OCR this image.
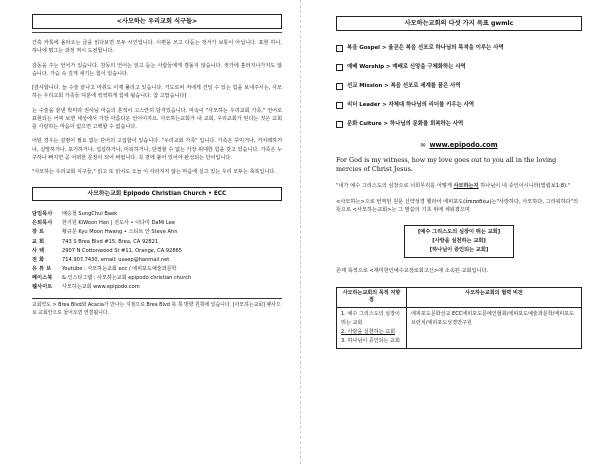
<사모하는 우리교회 식구들>

간혹 카톡에 올라오는 글을 읽다보면 모두 시인입니다. 시편을 쓰고 다듬는 정서가 보통이 아닙니다. 표현 하나, 하나에 명그는 과정 역시 도전합니다.

감동을 주는 언어가 있습니다. 감동의 언어는 읽고 듣는 사람들에게 겸돌지 않습니다. 귓가에 흘러지나가지도 않습니다. 가슴 속 깊게 새기는 힘이 있습니다.

[감사합니다. 늘 수술 끝나고 마취도 이제 풀리고 있습니다. 기도로써 저에게 건딜 수 있는 힘을 보내주시는, 사모하는 우리교회 가족들 덕분에 씩씩하게 힘에 됩습니다. 참 고맙습니다]

는 수술을 끝낸 박미라 권사님 마음의 흔적이 고스란히 담겨있습니다. 마속이 "사모하는 우리교회 가족," 언어로 표현되는 어찌 보면 세상에서 가장 아름다운 언어이지요. 사모하는교회가 내 교회, 우리교회가 된다는 것은 교회를 사랑하는 마음이 없으면 고백할 수 없습니다.

어떤 경우는 설명이 필요 없는 단어의 고집합이 있습니다. "우리교회 가족" 입니다. 가족은 꾸미거나, 거치레하거나, 실망하거나, 포기하거나, 섭섭하거나, 미워하거나, 단절할 수 없는 가장 위대한 힘을 갖고 있습니다. 가족은 누구하나 빠지면 곧 어떠한 문장이 되어 버립니다. 꼭 곁에 붙어 있어야 완성되는 단어입니다.

"사모하는 우리교회 식구들," 읽고 또 읽어도 오늘 이 사라지지 않는 마음에 실고 있는 우리 모두는 축복입니다.

사모하는교회 Epipodo Christian Church • ECC
담임목사	배승철 SungChul Baek
은퇴목사	한기원 KiWoon Han | 전도사 • 이다미 DaMi Lee
장 로	황규문 Kyu Moon Hwang • 스티브 안 Steve Ahn
교 회	743 S Brea Blvd #15, Brea, CA 92821
사 택	2907 N Cottonwood St #11, Orange, CA 92865
전 화	714.907.7430, email: usaep@hanmail.net
유 튜 브	Youtube : 사모하는교회 ecc / 에피포도예술과문학
페이스북	& 인스타그램 : 사모하는교회 epipodo christian church
웹사이트	사모하는교회 www.epipodo.com

교회약도 > Brea Blvd와 Acacia가 만나는 지점으로 Brea Blvd 북 쪽 방향 원쪽에 있습니다. [사모하는교회] 팻사으로 교회안으로 들어오면 연결됩니다.

사모하는교회의 다섯 가지 목표 gwmlc
복음 Gospel > 율곧은 복음 선포로 하나님의 목적을 이루는 사역
예배 Worship > 예배로 신앙을 구체화하는 사역
선교 Mission > 복음 선포로 세계를 품은 사역
리더 Leader > 자체대 하나님의 리더를 키우는 사역
문화 Culture > 하나님의 문화를 회복하는 사역
✉ www.epipodo.com

For God is my witness, how my love goes out to you all in the loving mercies of Christ Jesus.

"내가 예수 그리스도의 심장으로 너희무리를 어떻게 사모하는지 하나님이 내 증인이시니라(빌립보1:8)."

<사모하는>으로 번역된 원문 신약성경 헬라어 에피포도(ἐπιποθέω)는"사랑하다, 사모하다, 그리워하다"의 뜻으로 <사모하는교회>는 그 말씀의 기초 위에 세워졌으며

[예수 그리스도의 심장이 뛰는 교회]
[사랑을 실천하는 교회]
[하나님이 증인되는 교회]

존재 목적으로 <재미한인예수교장로회고신>에 소속된 교회입니다.

사모하는교회의 목적 지향점	사모하는교회의 협력 비전

1. 예수 그리스도의 심장이 뛰는 교회
2. 사랑을 실천하는 교회
3. 하나님이 증인되는 교회	에피포도문화선교 ECC에피포도문예인협회/에피포도예술과문학/에피포도브런치/에피포도성경연구원
